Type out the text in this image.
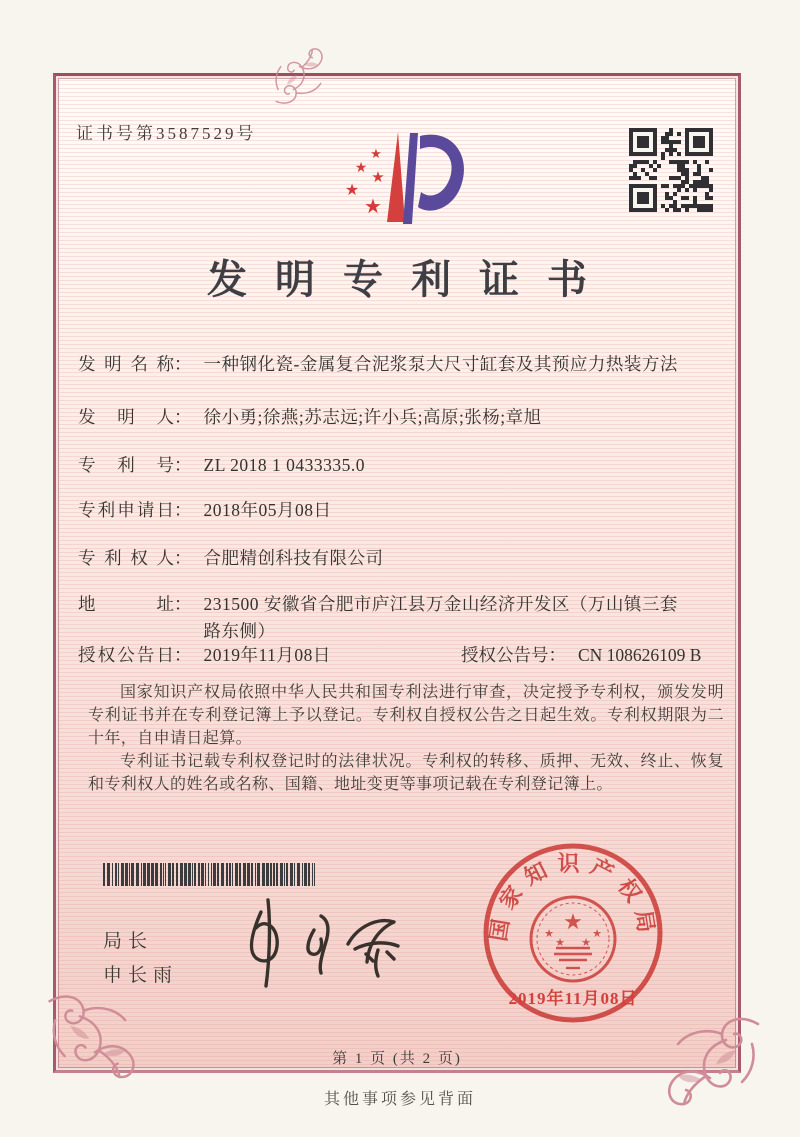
证书号第3587529号
★
★
★
★
★
发明专利证书
发明名称： 一种钢化瓷-金属复合泥浆泵大尺寸缸套及其预应力热装方法
发明人： 徐小勇;徐燕;苏志远;许小兵;高原;张杨;章旭
专利号： ZL 2018 1 0433335.0
专利申请日： 2018年05月08日
专利权人： 合肥精创科技有限公司
地址： 231500 安徽省合肥市庐江县万金山经济开发区（万山镇三套路东侧）
授权公告日： 2019年11月08日	授权公告号： CN 108626109 B

国家知识产权局依照中华人民共和国专利法进行审查，决定授予专利权，颁发发明专利证书并在专利登记簿上予以登记。专利权自授权公告之日起生效。专利权期限为二十年，自申请日起算。

专利证书记载专利权登记时的法律状况。专利权的转移、质押、无效、终止、恢复和专利权人的姓名或名称、国籍、地址变更等事项记载在专利登记簿上。

局长
申长雨
国家知识产权局
★
★
★ ★
★
2019年11月08日
第 1 页 (共 2 页)
其他事项参见背面
